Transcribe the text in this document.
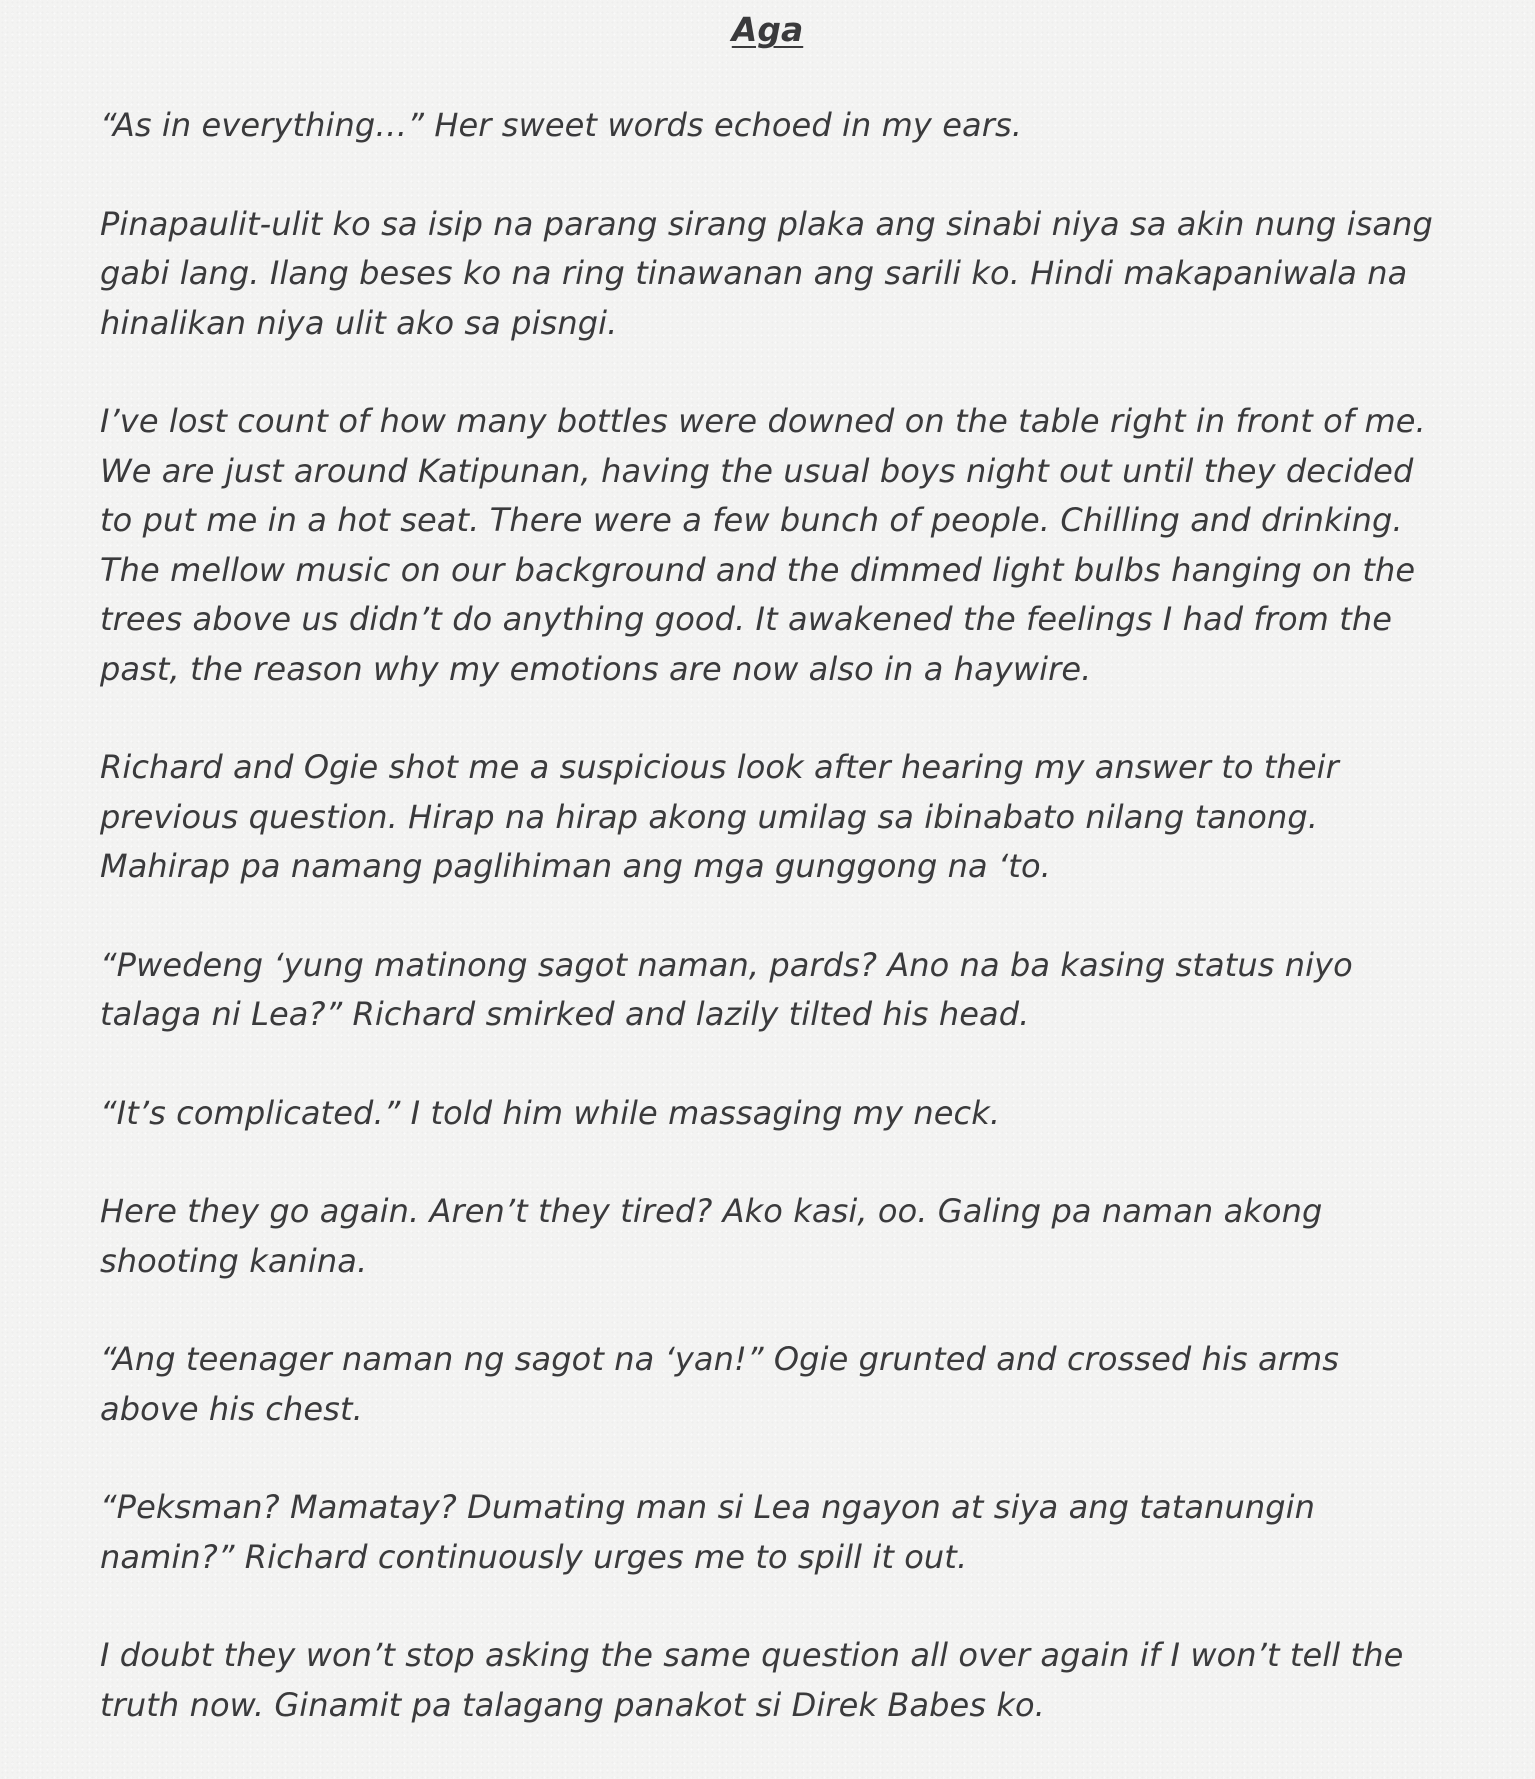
Aga

“As in everything…” Her sweet words echoed in my ears.

Pinapaulit-ulit ko sa isip na parang sirang plaka ang sinabi niya sa akin nung isang gabi lang. Ilang beses ko na ring tinawanan ang sarili ko. Hindi makapaniwala na hinalikan niya ulit ako sa pisngi.

I’ve lost count of how many bottles were downed on the table right in front of me. We are just around Katipunan, having the usual boys night out until they decided to put me in a hot seat. There were a few bunch of people. Chilling and drinking. The mellow music on our background and the dimmed light bulbs hanging on the trees above us didn’t do anything good. It awakened the feelings I had from the past, the reason why my emotions are now also in a haywire.

Richard and Ogie shot me a suspicious look after hearing my answer to their previous question. Hirap na hirap akong umilag sa ibinabato nilang tanong. Mahirap pa namang paglihiman ang mga gunggong na ‘to.

“Pwedeng ‘yung matinong sagot naman, pards? Ano na ba kasing status niyo talaga ni Lea?” Richard smirked and lazily tilted his head.

“It’s complicated.” I told him while massaging my neck.

Here they go again. Aren’t they tired? Ako kasi, oo. Galing pa naman akong shooting kanina.

“Ang teenager naman ng sagot na ‘yan!” Ogie grunted and crossed his arms above his chest.

“Peksman? Mamatay? Dumating man si Lea ngayon at siya ang tatanungin namin?” Richard continuously urges me to spill it out.

I doubt they won’t stop asking the same question all over again if I won’t tell the truth now. Ginamit pa talagang panakot si Direk Babes ko.
